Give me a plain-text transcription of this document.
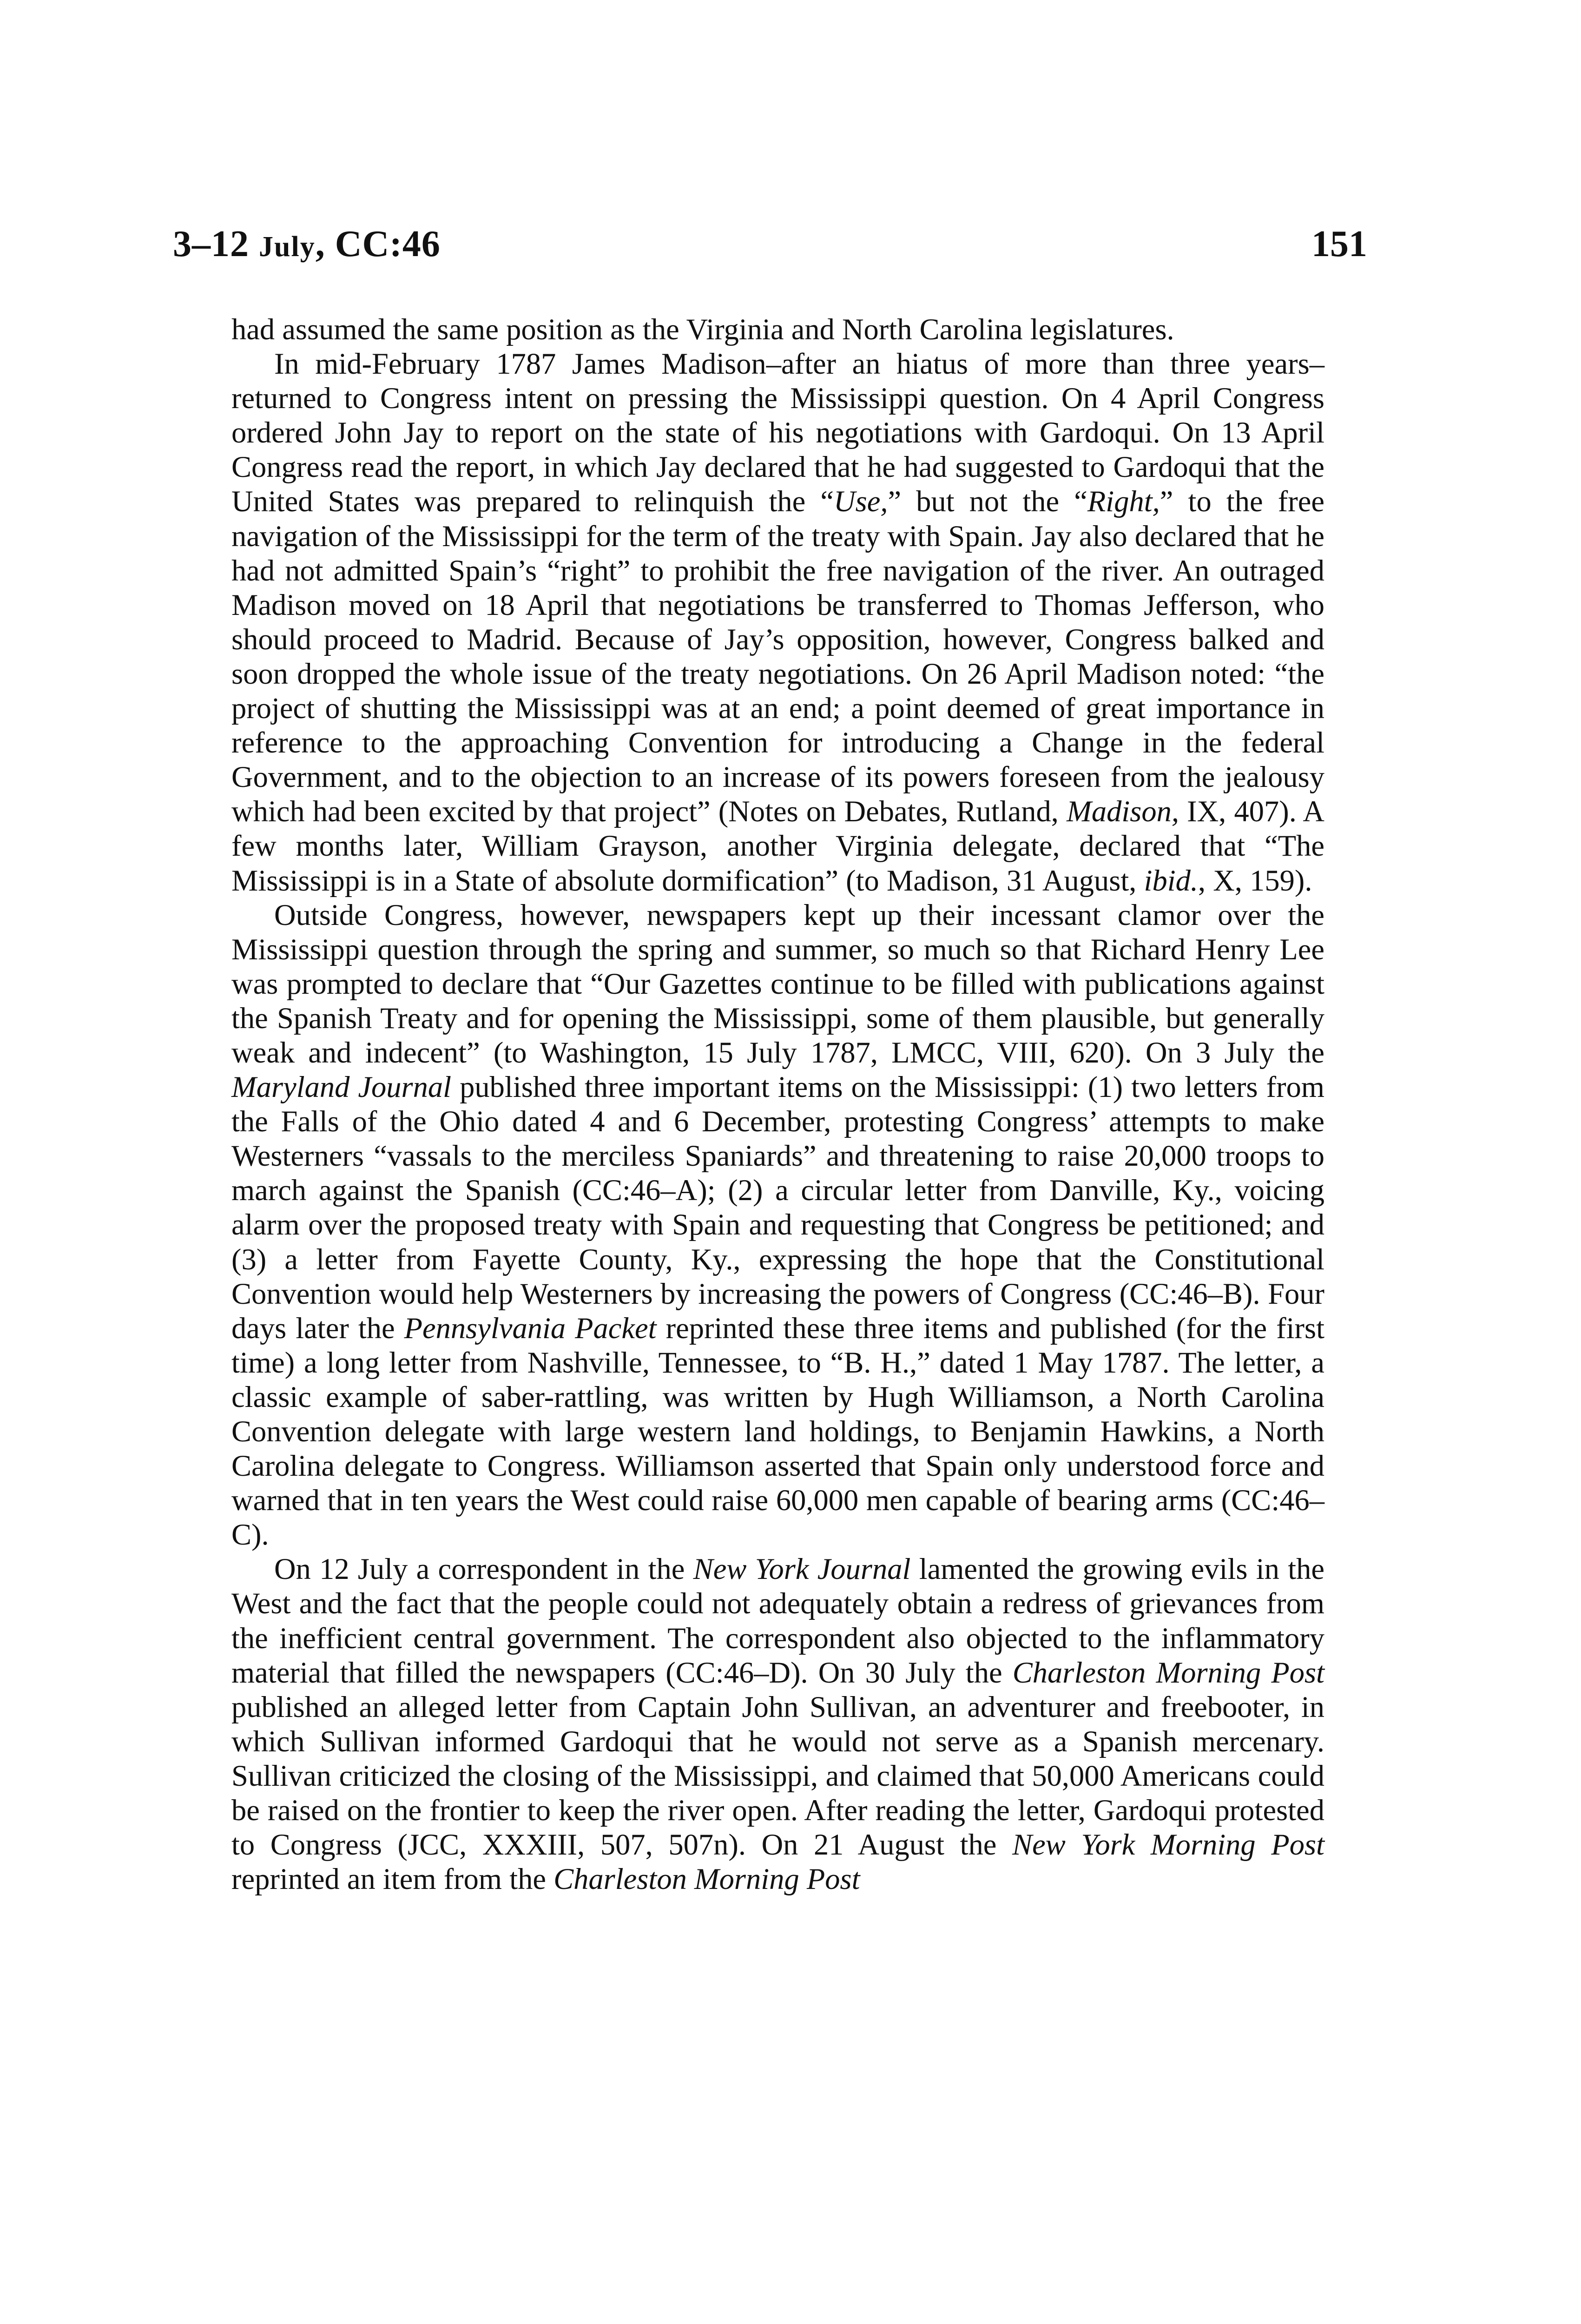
3–12 July, CC:46	151

had assumed the same position as the Virginia and North Carolina legislatures.

In mid-February 1787 James Madison–after an hiatus of more than three years–returned to Congress intent on pressing the Mississippi question. On 4 April Congress ordered John Jay to report on the state of his negotiations with Gardoqui. On 13 April Congress read the report, in which Jay declared that he had suggested to Gardoqui that the United States was prepared to relinquish the “Use,” but not the “Right,” to the free navigation of the Mississippi for the term of the treaty with Spain. Jay also declared that he had not admitted Spain’s “right” to prohibit the free navigation of the river. An outraged Madison moved on 18 April that negotiations be transferred to Thomas Jefferson, who should proceed to Madrid. Because of Jay’s opposition, however, Congress balked and soon dropped the whole issue of the treaty negotiations. On 26 April Madison noted: “the project of shutting the Mississippi was at an end; a point deemed of great importance in reference to the approaching Convention for introducing a Change in the federal Government, and to the objection to an increase of its powers foreseen from the jealousy which had been excited by that project” (Notes on Debates, Rutland, Madison, IX, 407). A few months later, William Grayson, another Virginia delegate, declared that “The Mississippi is in a State of absolute dormification” (to Madison, 31 August, ibid., X, 159).

Outside Congress, however, newspapers kept up their incessant clamor over the Mississippi question through the spring and summer, so much so that Richard Henry Lee was prompted to declare that “Our Gazettes continue to be filled with publications against the Spanish Treaty and for opening the Mississippi, some of them plausible, but generally weak and indecent” (to Washington, 15 July 1787, LMCC, VIII, 620). On 3 July the Maryland Journal published three important items on the Mississippi: (1) two letters from the Falls of the Ohio dated 4 and 6 December, protesting Congress’ attempts to make Westerners “vassals to the merciless Spaniards” and threatening to raise 20,000 troops to march against the Spanish (CC:46–A); (2) a circular letter from Danville, Ky., voicing alarm over the proposed treaty with Spain and requesting that Congress be petitioned; and (3) a letter from Fayette County, Ky., expressing the hope that the Constitutional Convention would help Westerners by increasing the powers of Congress (CC:46–B). Four days later the Pennsylvania Packet reprinted these three items and published (for the first time) a long letter from Nashville, Tennessee, to “B. H.,” dated 1 May 1787. The letter, a classic example of saber-rattling, was written by Hugh Williamson, a North Carolina Convention delegate with large western land holdings, to Benjamin Hawkins, a North Carolina delegate to Congress. Williamson asserted that Spain only understood force and warned that in ten years the West could raise 60,000 men capable of bearing arms (CC:46–C).

On 12 July a correspondent in the New York Journal lamented the growing evils in the West and the fact that the people could not adequately obtain a redress of grievances from the inefficient central government. The correspondent also objected to the inflammatory material that filled the newspapers (CC:46–D). On 30 July the Charleston Morning Post published an alleged letter from Captain John Sullivan, an adventurer and freebooter, in which Sullivan informed Gardoqui that he would not serve as a Spanish mercenary. Sullivan criticized the closing of the Mississippi, and claimed that 50,000 Americans could be raised on the frontier to keep the river open. After reading the letter, Gardoqui protested to Congress (JCC, XXXIII, 507, 507n). On 21 August the New York Morning Post reprinted an item from the Charleston Morning Post
